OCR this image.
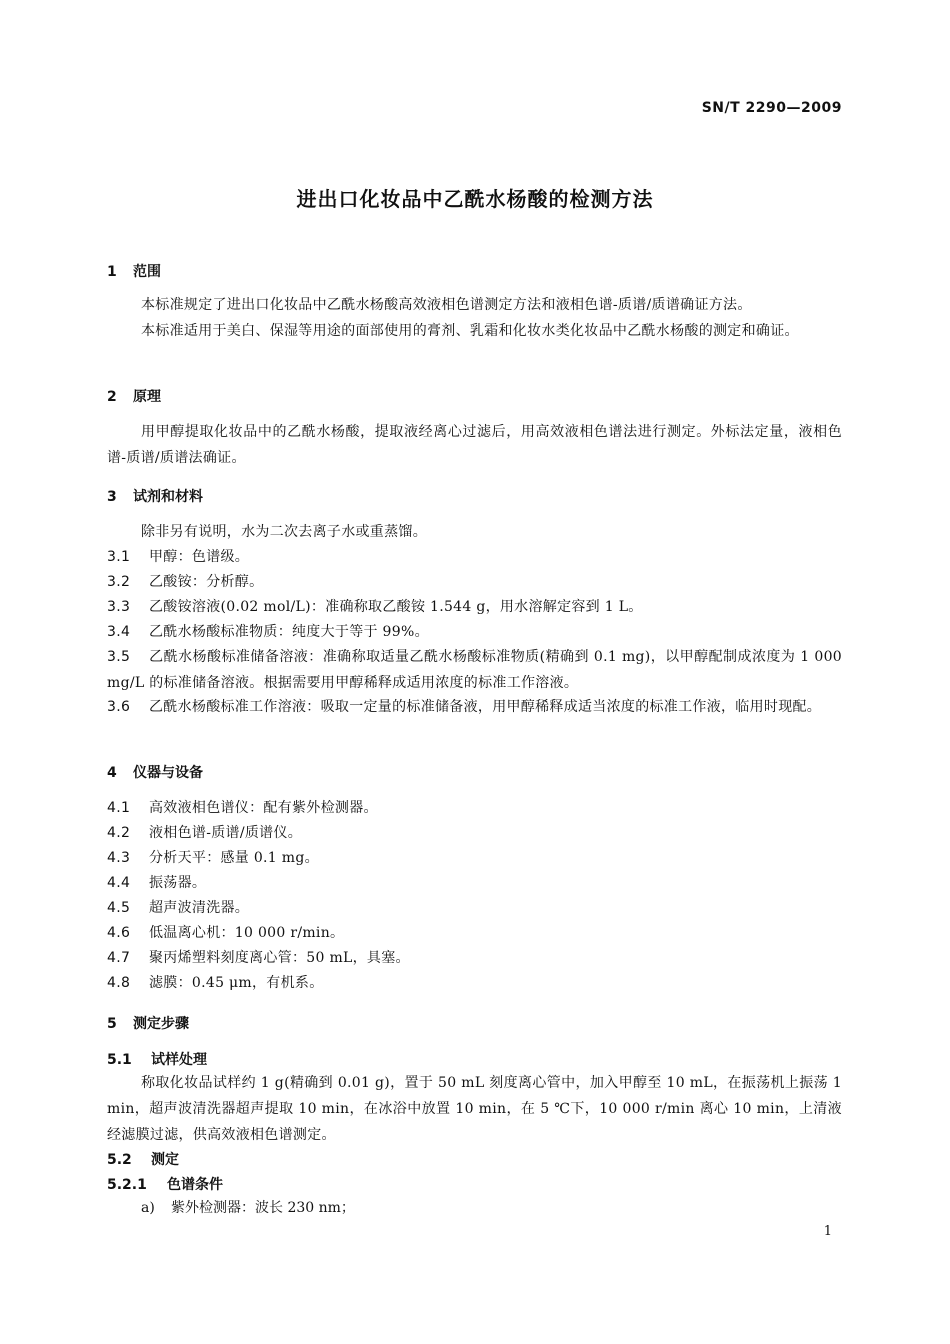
SN/T 2290—2009
进出口化妆品中乙酰水杨酸的检测方法
1 范围
本标准规定了进出口化妆品中乙酰水杨酸高效液相色谱测定方法和液相色谱-质谱/质谱确证方法。
本标准适用于美白、保湿等用途的面部使用的膏剂、乳霜和化妆水类化妆品中乙酰水杨酸的测定和确证。
2 原理
用甲醇提取化妆品中的乙酰水杨酸，提取液经离心过滤后，用高效液相色谱法进行测定。外标法定量，液相色谱-质谱/质谱法确证。
3 试剂和材料
除非另有说明，水为二次去离子水或重蒸馏。
3.1 甲醇：色谱级。
3.2 乙酸铵：分析醇。
3.3 乙酸铵溶液(0.02 mol/L)：准确称取乙酸铵 1.544 g，用水溶解定容到 1 L。
3.4 乙酰水杨酸标准物质：纯度大于等于 99%。
3.5 乙酰水杨酸标准储备溶液：准确称取适量乙酰水杨酸标准物质(精确到 0.1 mg)，以甲醇配制成浓度为 1 000 mg/L 的标准储备溶液。根据需要用甲醇稀释成适用浓度的标准工作溶液。
3.6 乙酰水杨酸标准工作溶液：吸取一定量的标准储备液，用甲醇稀释成适当浓度的标准工作液，临用时现配。
4 仪器与设备
4.1 高效液相色谱仪：配有紫外检测器。
4.2 液相色谱-质谱/质谱仪。
4.3 分析天平：感量 0.1 mg。
4.4 振荡器。
4.5 超声波清洗器。
4.6 低温离心机：10 000 r/min。
4.7 聚丙烯塑料刻度离心管：50 mL，具塞。
4.8 滤膜：0.45 μm，有机系。
5 测定步骤
5.1 试样处理
称取化妆品试样约 1 g(精确到 0.01 g)，置于 50 mL 刻度离心管中，加入甲醇至 10 mL，在振荡机上振荡 1 min，超声波清洗器超声提取 10 min，在冰浴中放置 10 min，在 5 ℃下，10 000 r/min 离心 10 min，上清液经滤膜过滤，供高效液相色谱测定。
5.2 测定
5.2.1 色谱条件
a) 紫外检测器：波长 230 nm；
1
